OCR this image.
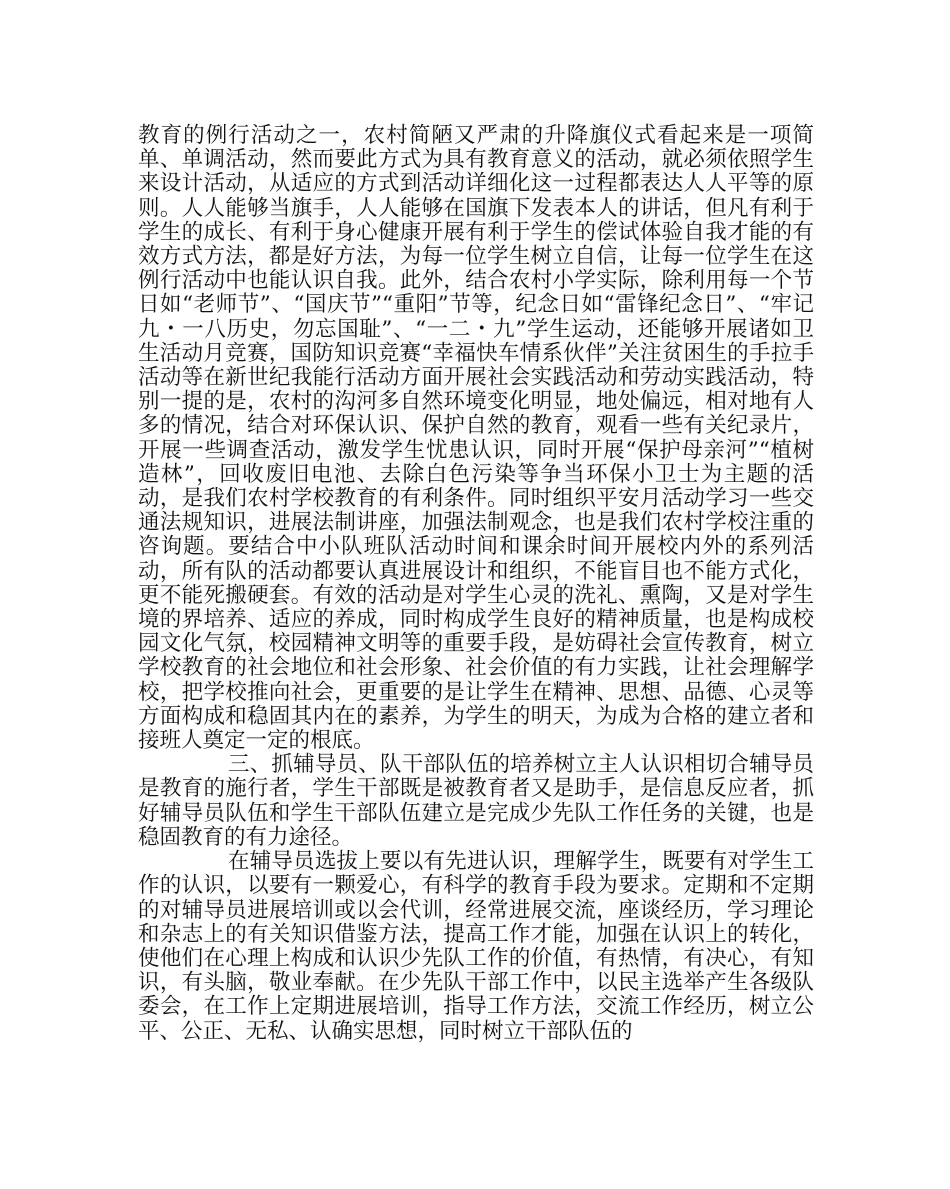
教育的例行活动之一，农村简陋又严肃的升降旗仪式看起来是一项简单、单调活动，然而要此方式为具有教育意义的活动，就必须依照学生来设计活动，从适应的方式到活动详细化这一过程都表达人人平等的原则。人人能够当旗手，人人能够在国旗下发表本人的讲话，但凡有利于学生的成长、有利于身心健康开展有利于学生的偿试体验自我才能的有效方式方法，都是好方法，为每一位学生树立自信，让每一位学生在这例行活动中也能认识自我。此外，结合农村小学实际，除利用每一个节日如“老师节”、“国庆节”“重阳”节等，纪念日如“雷锋纪念日”、“牢记九・一八历史，勿忘国耻”、“一二・九”学生运动，还能够开展诸如卫生活动月竞赛，国防知识竞赛“幸福快车情系伙伴”关注贫困生的手拉手活动等在新世纪我能行活动方面开展社会实践活动和劳动实践活动，特别一提的是，农村的沟河多自然环境变化明显，地处偏远，相对地有人多的情况，结合对环保认识、保护自然的教育，观看一些有关纪录片，开展一些调查活动，激发学生忧患认识，同时开展“保护母亲河”“植树造林”，回收废旧电池、去除白色污染等争当环保小卫士为主题的活动，是我们农村学校教育的有利条件。同时组织平安月活动学习一些交通法规知识，进展法制讲座，加强法制观念，也是我们农村学校注重的咨询题。要结合中小队班队活动时间和课余时间开展校内外的系列活动，所有队的活动都要认真进展设计和组织，不能盲目也不能方式化，更不能死搬硬套。有效的活动是对学生心灵的洗礼、熏陶，又是对学生境的界培养、适应的养成，同时构成学生良好的精神质量，也是构成校园文化气氛，校园精神文明等的重要手段，是妨碍社会宣传教育，树立学校教育的社会地位和社会形象、社会价值的有力实践，让社会理解学校，把学校推向社会，更重要的是让学生在精神、思想、品德、心灵等方面构成和稳固其内在的素养，为学生的明天，为成为合格的建立者和接班人奠定一定的根底。

三、抓辅导员、队干部队伍的培养树立主人认识相切合辅导员是教育的施行者，学生干部既是被教育者又是助手，是信息反应者，抓好辅导员队伍和学生干部队伍建立是完成少先队工作任务的关键，也是稳固教育的有力途径。

在辅导员选拔上要以有先进认识，理解学生，既要有对学生工作的认识，以要有一颗爱心，有科学的教育手段为要求。定期和不定期的对辅导员进展培训或以会代训，经常进展交流，座谈经历，学习理论和杂志上的有关知识借鉴方法，提高工作才能，加强在认识上的转化，使他们在心理上构成和认识少先队工作的价值，有热情，有决心，有知识，有头脑，敬业奉献。在少先队干部工作中，以民主选举产生各级队委会，在工作上定期进展培训，指导工作方法，交流工作经历，树立公平、公正、无私、认确实思想，同时树立干部队伍的
